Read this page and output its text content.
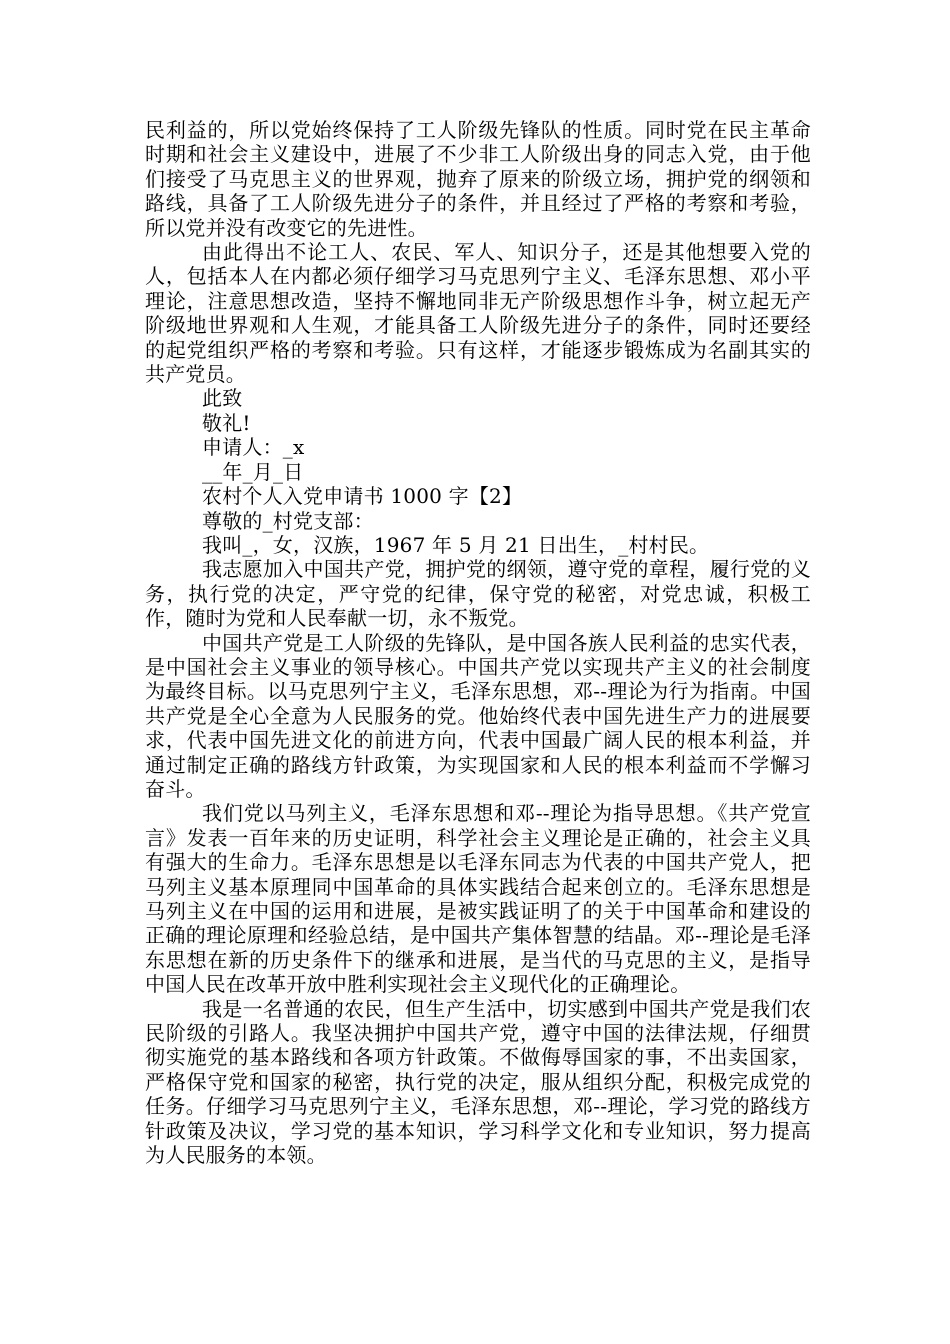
民利益的，所以党始终保持了工人阶级先锋队的性质。同时党在民主革命时期和社会主义建设中，进展了不少非工人阶级出身的同志入党，由于他们接受了马克思主义的世界观，抛弃了原来的阶级立场，拥护党的纲领和路线，具备了工人阶级先进分子的条件，并且经过了严格的考察和考验，所以党并没有改变它的先进性。

由此得出不论工人、农民、军人、知识分子，还是其他想要入党的人，包括本人在内都必须仔细学习马克思列宁主义、毛泽东思想、邓小平理论，注意思想改造，坚持不懈地同非无产阶级思想作斗争，树立起无产阶级地世界观和人生观，才能具备工人阶级先进分子的条件，同时还要经的起党组织严格的考察和考验。只有这样，才能逐步锻炼成为名副其实的共产党员。

此致

敬礼!

申请人：_x

__年_月_日

农村个人入党申请书 1000 字【2】

尊敬的_村党支部：

我叫_，女，汉族，1967 年 5 月 21 日出生，_村村民。

我志愿加入中国共产党，拥护党的纲领，遵守党的章程，履行党的义务，执行党的决定，严守党的纪律，保守党的秘密，对党忠诚，积极工作，随时为党和人民奉献一切，永不叛党。

中国共产党是工人阶级的先锋队，是中国各族人民利益的忠实代表，是中国社会主义事业的领导核心。中国共产党以实现共产主义的社会制度为最终目标。以马克思列宁主义，毛泽东思想，邓--理论为行为指南。中国共产党是全心全意为人民服务的党。他始终代表中国先进生产力的进展要求，代表中国先进文化的前进方向，代表中国最广阔人民的根本利益，并通过制定正确的路线方针政策，为实现国家和人民的根本利益而不学懈习奋斗。

我们党以马列主义，毛泽东思想和邓--理论为指导思想。《共产党宣言》发表一百年来的历史证明，科学社会主义理论是正确的，社会主义具有强大的生命力。毛泽东思想是以毛泽东同志为代表的中国共产党人，把马列主义基本原理同中国革命的具体实践结合起来创立的。毛泽东思想是马列主义在中国的运用和进展，是被实践证明了的关于中国革命和建设的正确的理论原理和经验总结，是中国共产集体智慧的结晶。邓--理论是毛泽东思想在新的历史条件下的继承和进展，是当代的马克思的主义，是指导中国人民在改革开放中胜利实现社会主义现代化的正确理论。

我是一名普通的农民，但生产生活中，切实感到中国共产党是我们农民阶级的引路人。我坚决拥护中国共产党，遵守中国的法律法规，仔细贯彻实施党的基本路线和各项方针政策。不做侮辱国家的事，不出卖国家，严格保守党和国家的秘密，执行党的决定，服从组织分配，积极完成党的任务。仔细学习马克思列宁主义，毛泽东思想，邓--理论，学习党的路线方针政策及决议，学习党的基本知识，学习科学文化和专业知识，努力提高为人民服务的本领。
